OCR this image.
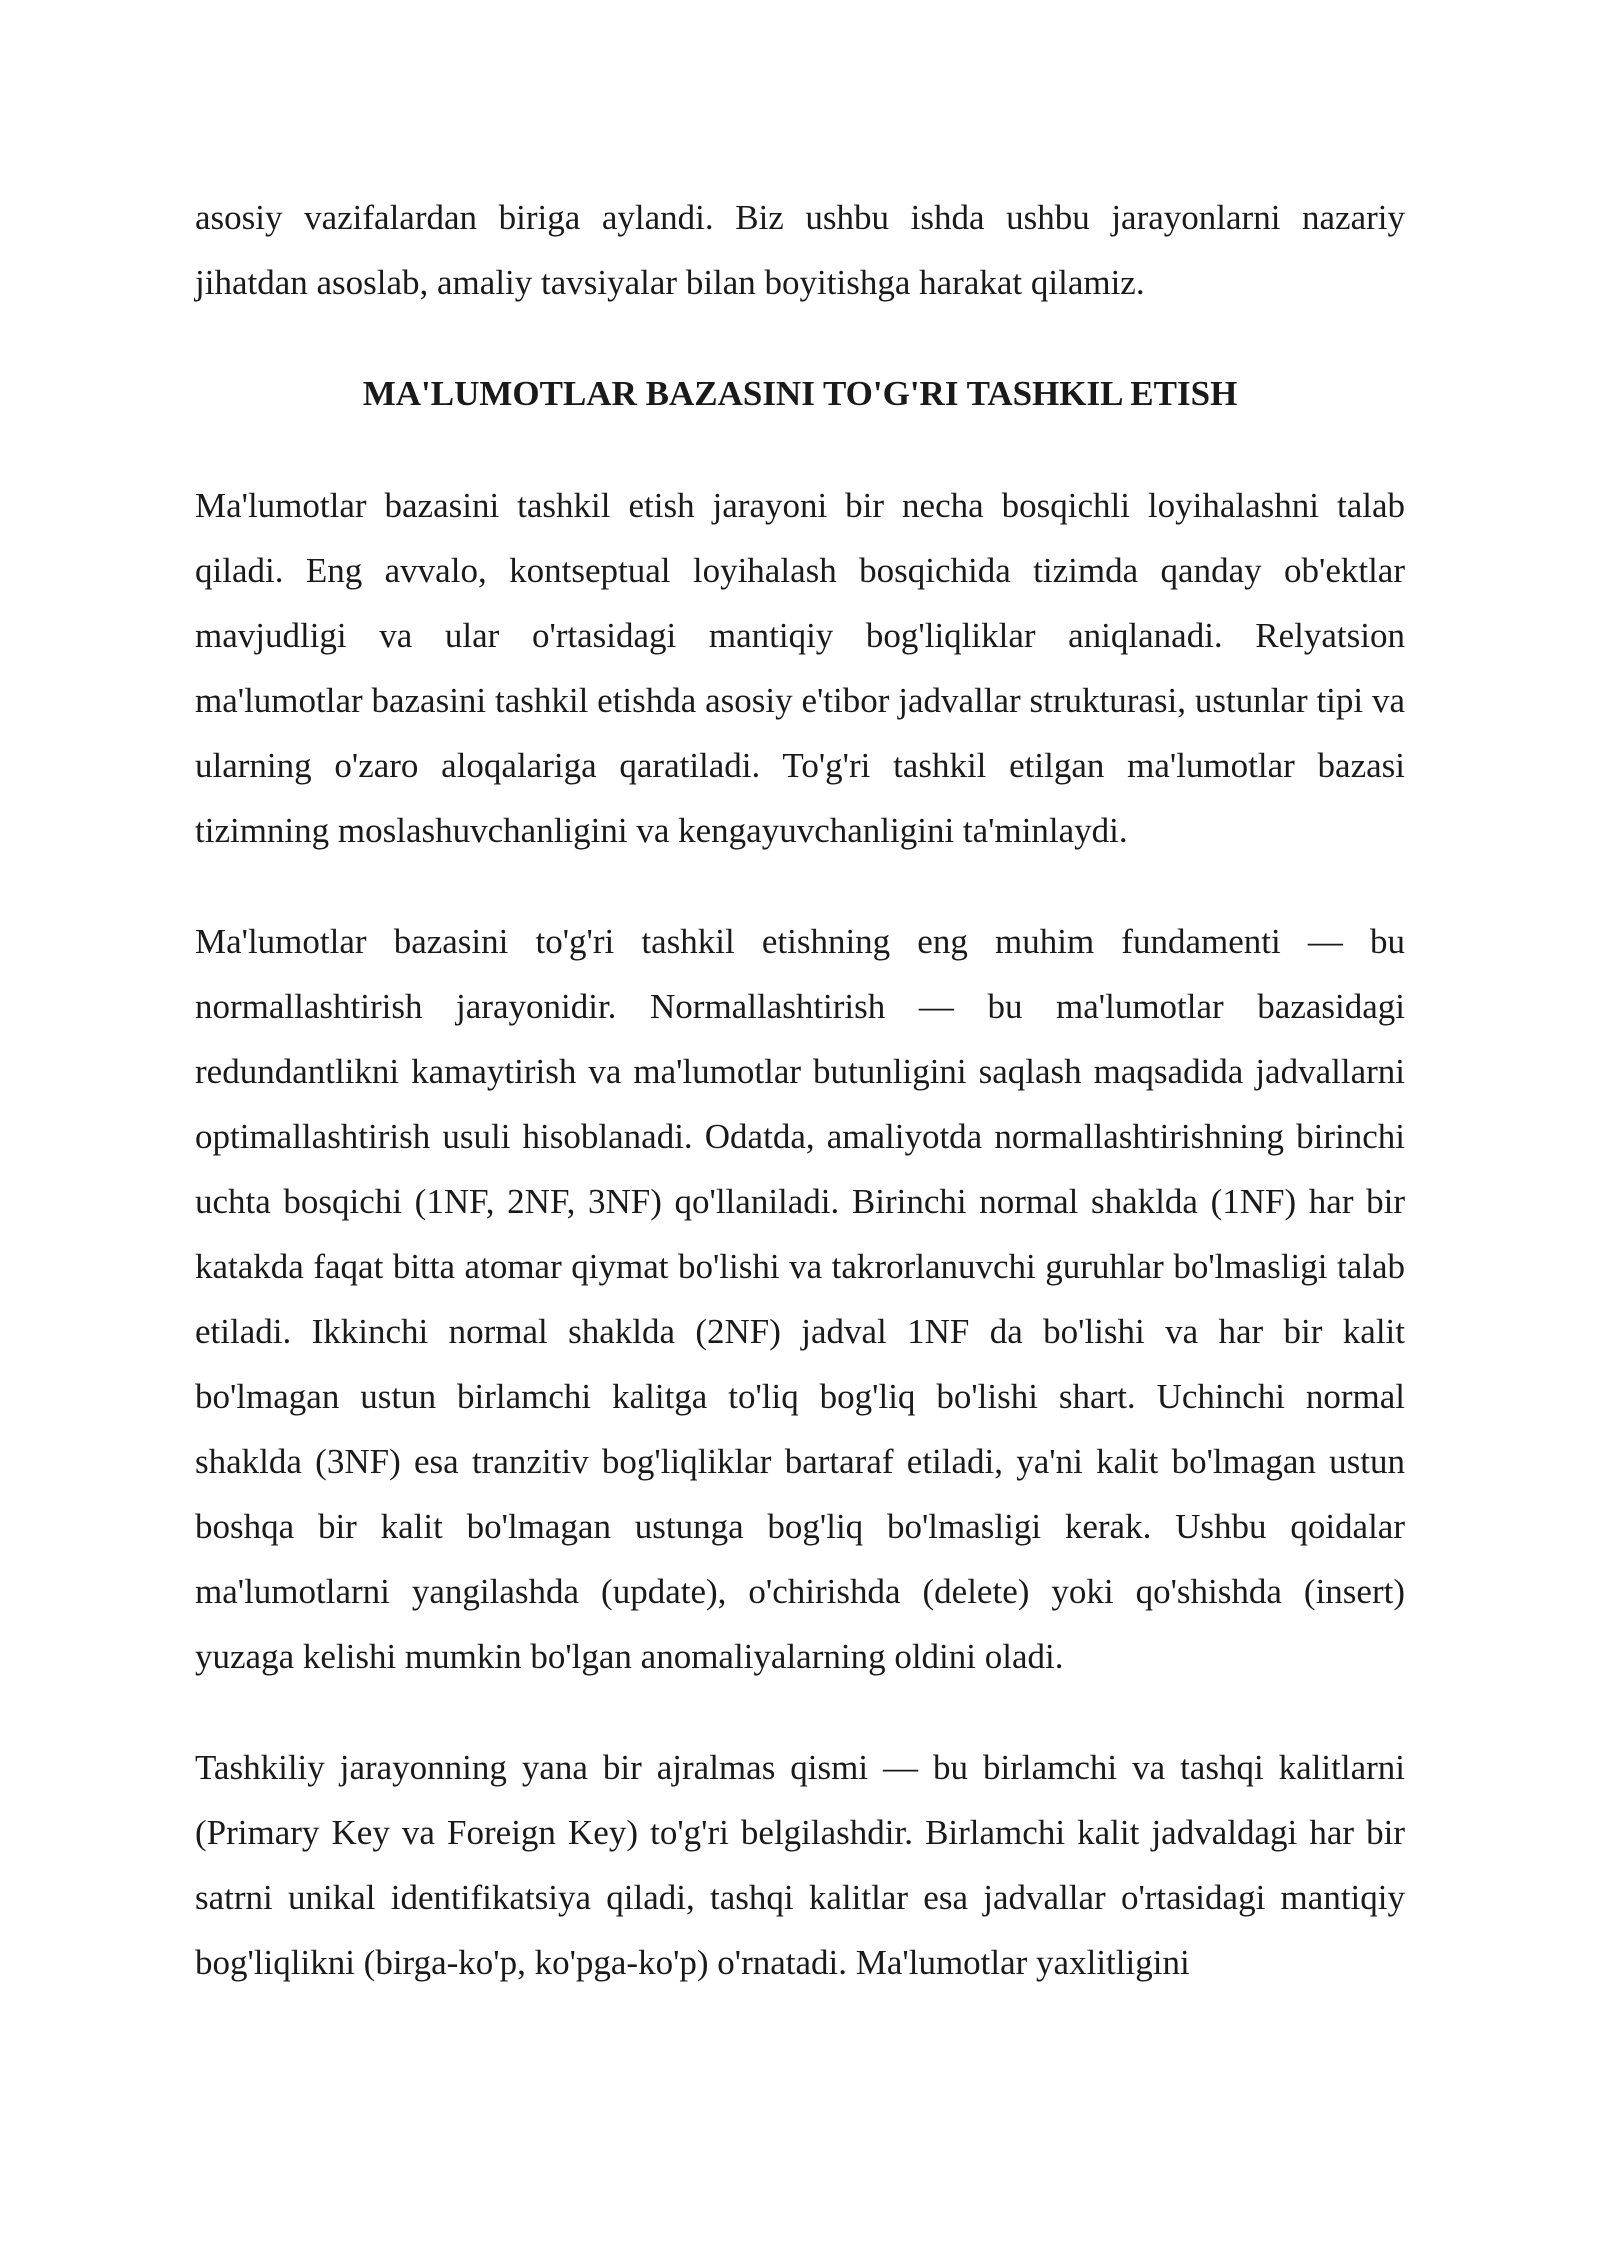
asosiy vazifalardan biriga aylandi. Biz ushbu ishda ushbu jarayonlarni nazariy jihatdan asoslab, amaliy tavsiyalar bilan boyitishga harakat qilamiz.

MA'LUMOTLAR BAZASINI TO'G'RI TASHKIL ETISH

Ma'lumotlar bazasini tashkil etish jarayoni bir necha bosqichli loyihalashni talab qiladi. Eng avvalo, kontseptual loyihalash bosqichida tizimda qanday ob'ektlar mavjudligi va ular o'rtasidagi mantiqiy bog'liqliklar aniqlanadi. Relyatsion ma'lumotlar bazasini tashkil etishda asosiy e'tibor jadvallar strukturasi, ustunlar tipi va ularning o'zaro aloqalariga qaratiladi. To'g'ri tashkil etilgan ma'lumotlar bazasi tizimning moslashuvchanligini va kengayuvchanligini ta'minlaydi.

Ma'lumotlar bazasini to'g'ri tashkil etishning eng muhim fundamenti — bu normallashtirish jarayonidir. Normallashtirish — bu ma'lumotlar bazasidagi redundantlikni kamaytirish va ma'lumotlar butunligini saqlash maqsadida jadvallarni optimallashtirish usuli hisoblanadi. Odatda, amaliyotda normallashtirishning birinchi uchta bosqichi (1NF, 2NF, 3NF) qo'llaniladi. Birinchi normal shaklda (1NF) har bir katakda faqat bitta atomar qiymat bo'lishi va takrorlanuvchi guruhlar bo'lmasligi talab etiladi. Ikkinchi normal shaklda (2NF) jadval 1NF da bo'lishi va har bir kalit bo'lmagan ustun birlamchi kalitga to'liq bog'liq bo'lishi shart. Uchinchi normal shaklda (3NF) esa tranzitiv bog'liqliklar bartaraf etiladi, ya'ni kalit bo'lmagan ustun boshqa bir kalit bo'lmagan ustunga bog'liq bo'lmasligi kerak. Ushbu qoidalar ma'lumotlarni yangilashda (update), o'chirishda (delete) yoki qo'shishda (insert) yuzaga kelishi mumkin bo'lgan anomaliyalarning oldini oladi.

Tashkiliy jarayonning yana bir ajralmas qismi — bu birlamchi va tashqi kalitlarni (Primary Key va Foreign Key) to'g'ri belgilashdir. Birlamchi kalit jadvaldagi har bir satrni unikal identifikatsiya qiladi, tashqi kalitlar esa jadvallar o'rtasidagi mantiqiy bog'liqlikni (birga-ko'p, ko'pga-ko'p) o'rnatadi. Ma'lumotlar yaxlitligini
